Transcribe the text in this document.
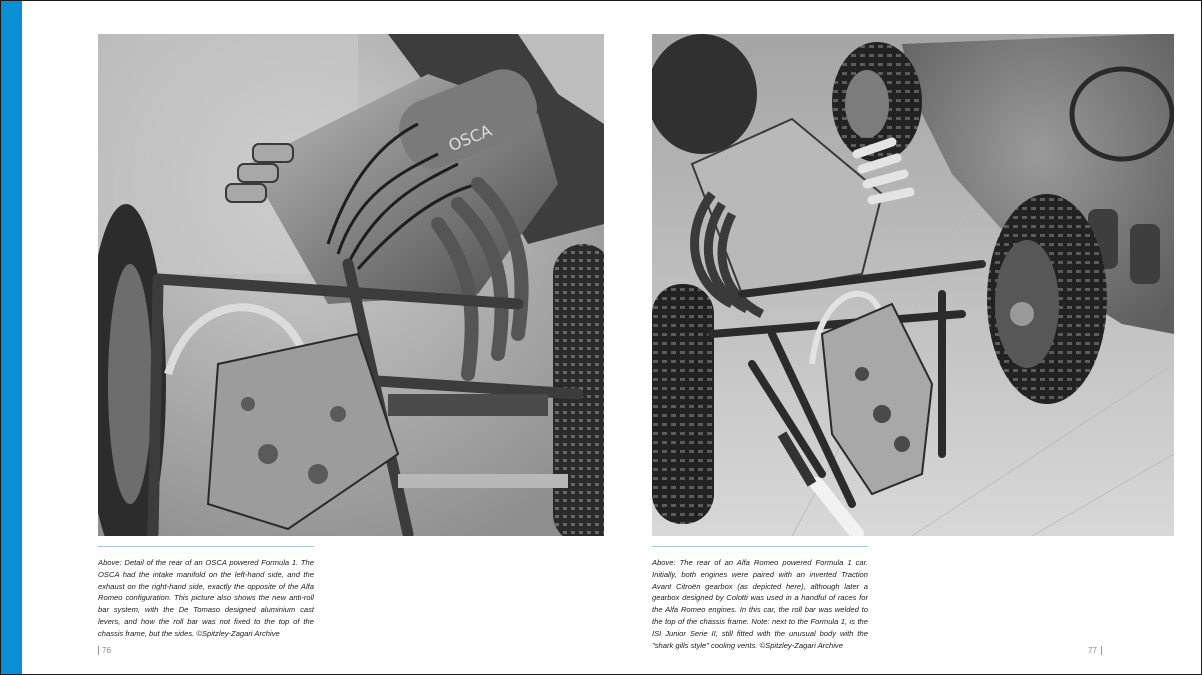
OSCA

Above: Detail of the rear of an OSCA powered Formula 1. The OSCA had the intake manifold on the left-hand side, and the exhaust on the right-hand side, exactly the opposite of the Alfa Romeo configuration. This picture also shows the new anti-roll bar system, with the De Tomaso designed aluminium cast levers, and how the roll bar was not fixed to the top of the chassis frame, but the sides. ©Spitzley-Zagari Archive

Above: The rear of an Alfa Romeo powered Formula 1 car. Initially, both engines were paired with an inverted Traction Avant Citroën gearbox (as depicted here), although later a gearbox designed by Colotti was used in a handful of races for the Alfa Romeo engines. In this car, the roll bar was welded to the top of the chassis frame. Note: next to the Formula 1, is the ISI Junior Serie II, still fitted with the unusual body with the "shark gills style" cooling vents. ©Spitzley-Zagari Archive

76	77
